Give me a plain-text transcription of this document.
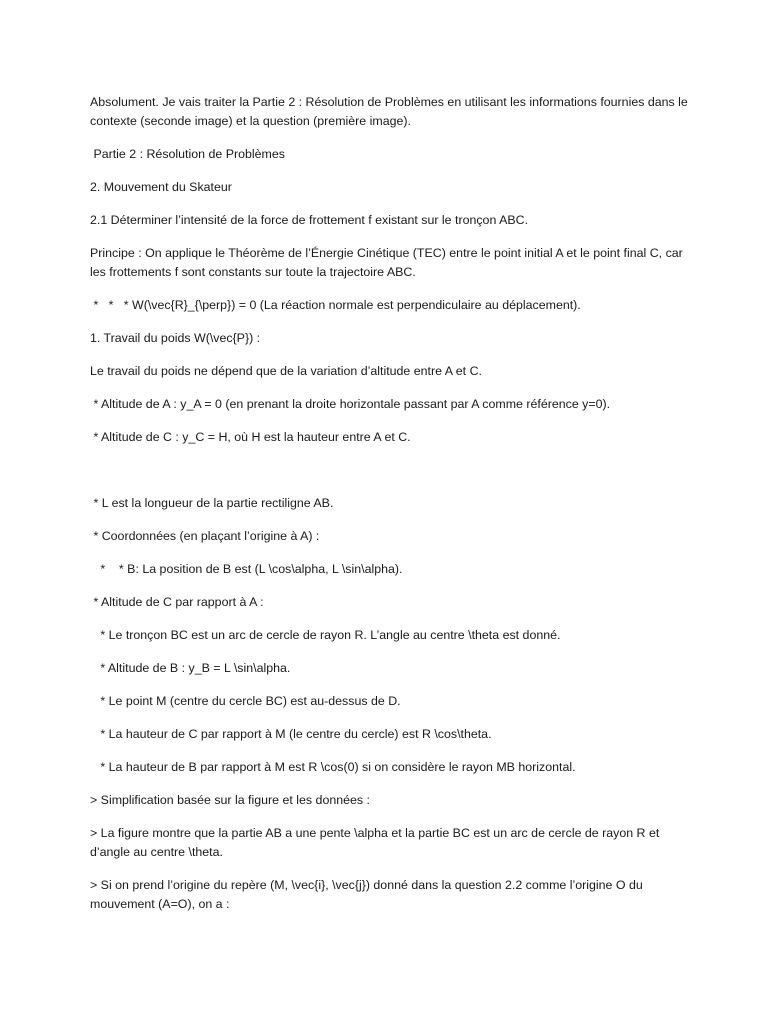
Absolument. Je vais traiter la Partie 2 : Résolution de Problèmes en utilisant les informations fournies dans le contexte (seconde image) et la question (première image).

Partie 2 : Résolution de Problèmes

2. Mouvement du Skateur

2.1 Déterminer l’intensité de la force de frottement f existant sur le tronçon ABC.

Principe : On applique le Théorème de l’Énergie Cinétique (TEC) entre le point initial A et le point final C, car les frottements f sont constants sur toute la trajectoire ABC.

*   *   * W(\vec{R}_{\perp}) = 0 (La réaction normale est perpendiculaire au déplacement).

1. Travail du poids W(\vec{P}) :

Le travail du poids ne dépend que de la variation d’altitude entre A et C.

* Altitude de A : y_A = 0 (en prenant la droite horizontale passant par A comme référence y=0).

* Altitude de C : y_C = H, où H est la hauteur entre A et C.

* L est la longueur de la partie rectiligne AB.

* Coordonnées (en plaçant l’origine à A) :

*    * B: La position de B est (L \cos\alpha, L \sin\alpha).

* Altitude de C par rapport à A :

* Le tronçon BC est un arc de cercle de rayon R. L’angle au centre \theta est donné.

* Altitude de B : y_B = L \sin\alpha.

* Le point M (centre du cercle BC) est au-dessus de D.

* La hauteur de C par rapport à M (le centre du cercle) est R \cos\theta.

* La hauteur de B par rapport à M est R \cos(0) si on considère le rayon MB horizontal.

> Simplification basée sur la figure et les données :

> La figure montre que la partie AB a une pente \alpha et la partie BC est un arc de cercle de rayon R et d’angle au centre \theta.

> Si on prend l’origine du repère (M, \vec{i}, \vec{j}) donné dans la question 2.2 comme l’origine O du mouvement (A=O), on a :
